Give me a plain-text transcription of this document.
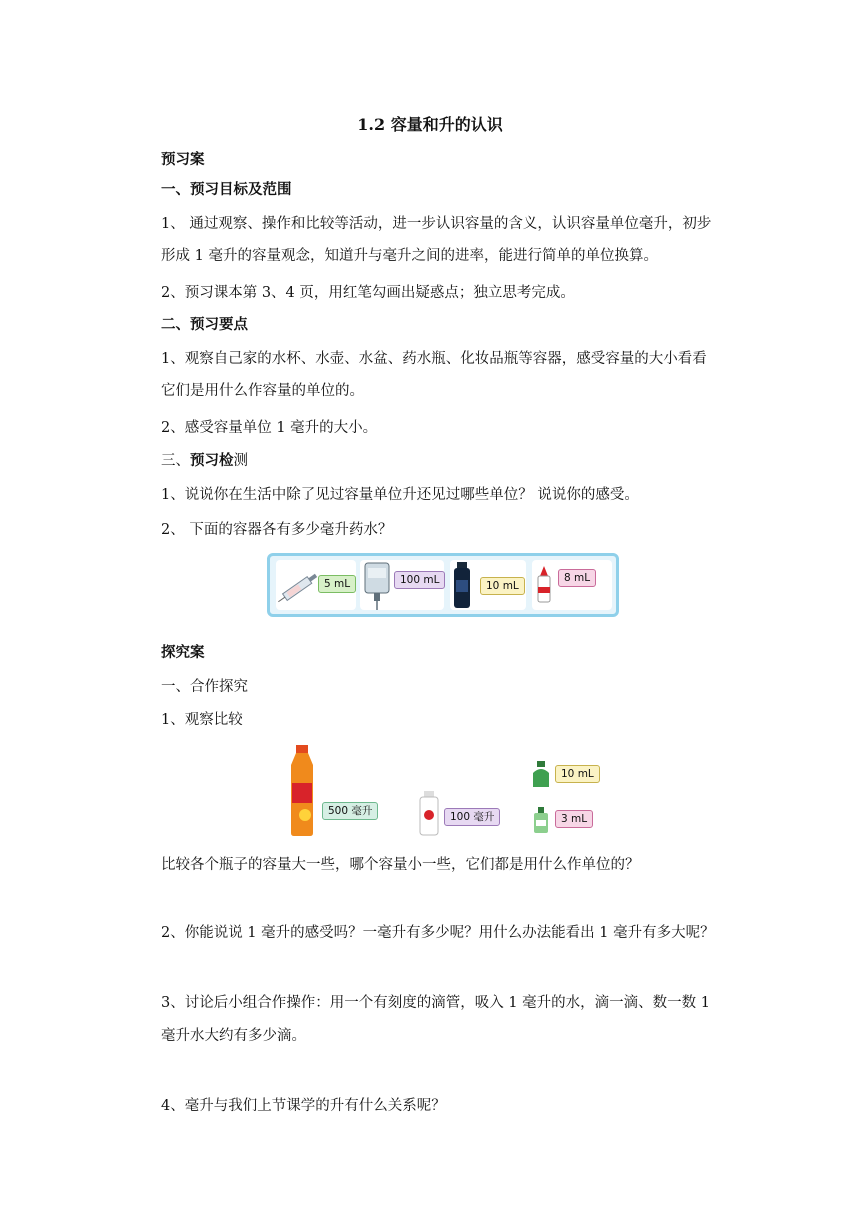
1.2 容量和升的认识
预习案
一、预习目标及范围
1、 通过观察、操作和比较等活动，进一步认识容量的含义，认识容量单位毫升，初步
形成 1 毫升的容量观念，知道升与毫升之间的进率，能进行简单的单位换算。
2、预习课本第 3、4 页，用红笔勾画出疑惑点；独立思考完成。
二、预习要点
1、观察自己家的水杯、水壶、水盆、药水瓶、化妆品瓶等容器，感受容量的大小看看
它们是用什么作容量的单位的。
2、感受容量单位 1 毫升的大小。
三、预习检测
1、说说你在生活中除了见过容量单位升还见过哪些单位？ 说说你的感受。
2、 下面的容器各有多少毫升药水？
5 mL	100 mL	10 mL
8 mL
探究案
一、合作探究
1、观察比较
500 毫升	100 毫升
10 mL
3 mL
比较各个瓶子的容量大一些，哪个容量小一些，它们都是用什么作单位的？
2、你能说说 1 毫升的感受吗？一毫升有多少呢？用什么办法能看出 1 毫升有多大呢？
3、讨论后小组合作操作：用一个有刻度的滴管，吸入 1 毫升的水，滴一滴、数一数 1
毫升水大约有多少滴。
4、毫升与我们上节课学的升有什么关系呢？
